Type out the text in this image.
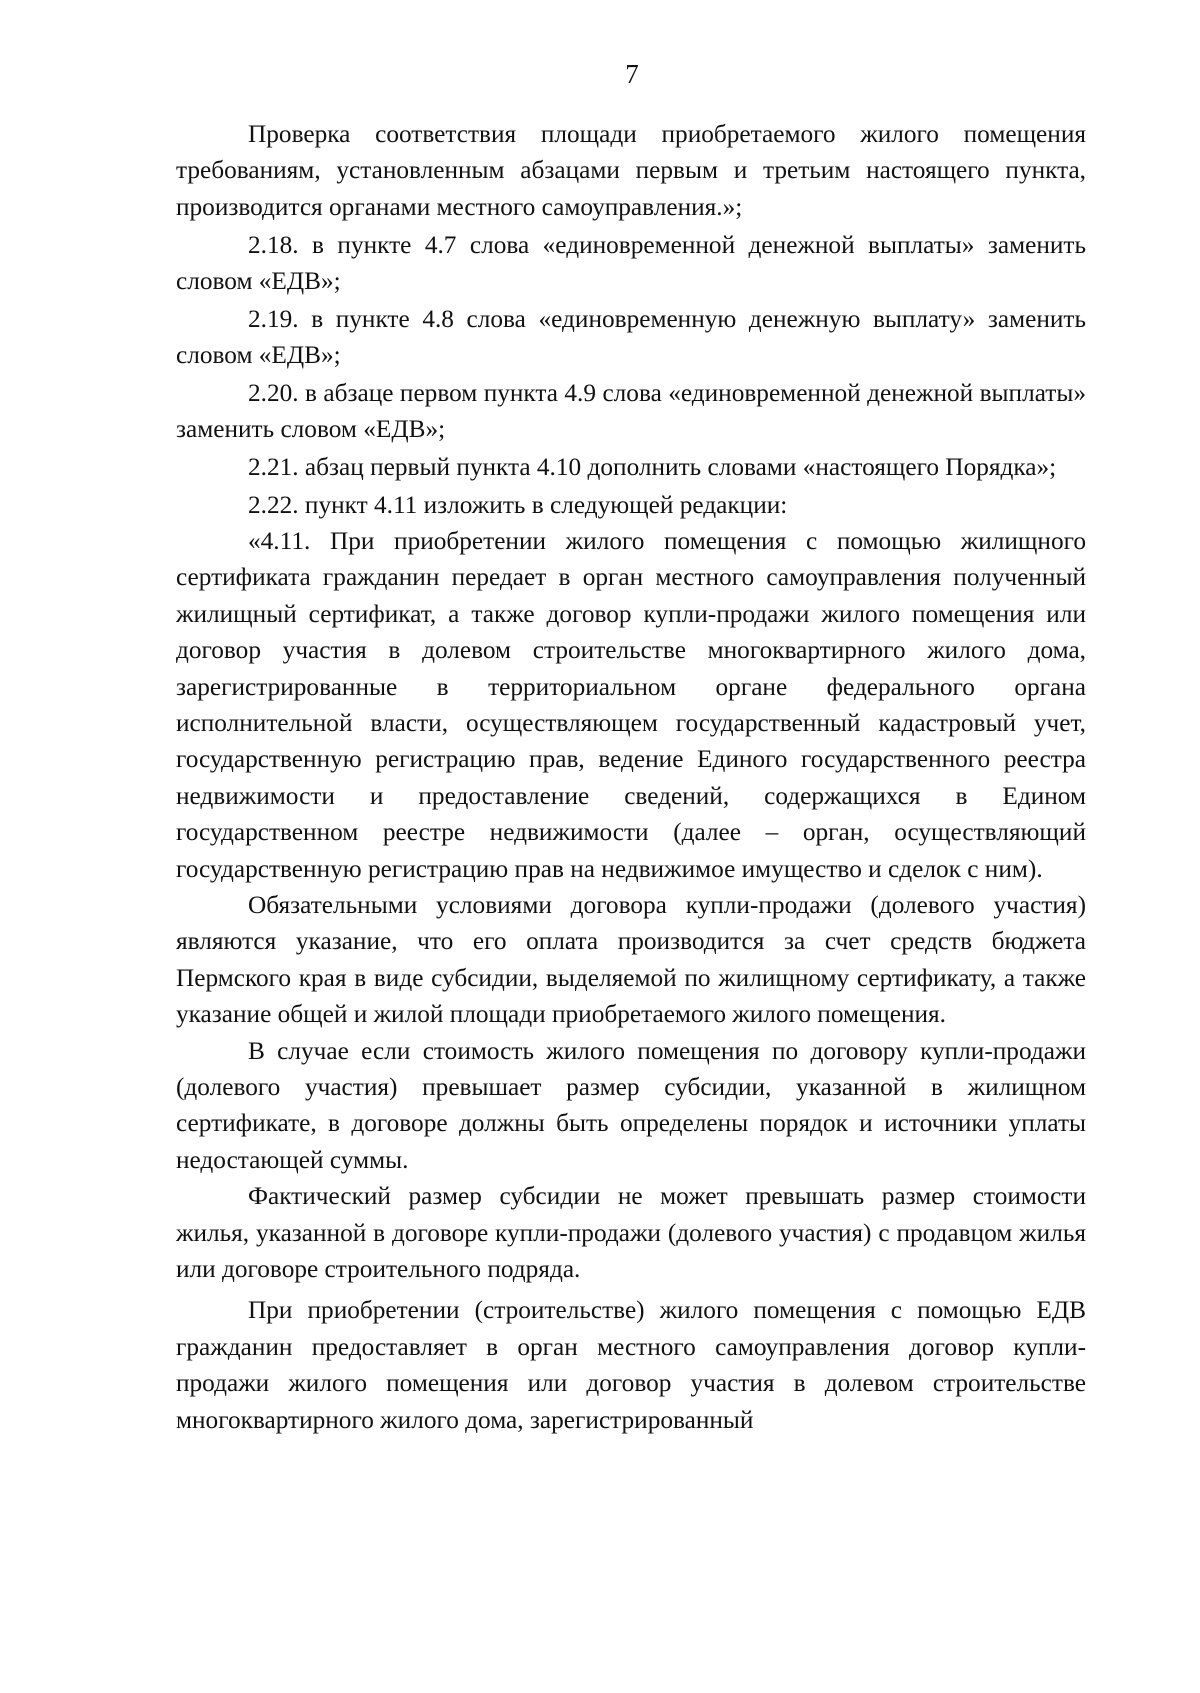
7

Проверка соответствия площади приобретаемого жилого помещения требованиям, установленным абзацами первым и третьим настоящего пункта, производится органами местного самоуправления.»;

2.18. в пункте 4.7 слова «единовременной денежной выплаты» заменить словом «ЕДВ»;

2.19. в пункте 4.8 слова «единовременную денежную выплату» заменить словом «ЕДВ»;

2.20. в абзаце первом пункта 4.9 слова «единовременной денежной выплаты» заменить словом «ЕДВ»;

2.21. абзац первый пункта 4.10 дополнить словами «настоящего Порядка»;

2.22. пункт 4.11 изложить в следующей редакции:

«4.11. При приобретении жилого помещения с помощью жилищного сертификата гражданин передает в орган местного самоуправления полученный жилищный сертификат, а также договор купли-продажи жилого помещения или договор участия в долевом строительстве многоквартирного жилого дома, зарегистрированные в территориальном органе федерального органа исполнительной власти, осуществляющем государственный кадастровый учет, государственную регистрацию прав, ведение Единого государственного реестра недвижимости и предоставление сведений, содержащихся в Едином государственном реестре недвижимости (далее – орган, осуществляющий государственную регистрацию прав на недвижимое имущество и сделок с ним).

Обязательными условиями договора купли-продажи (долевого участия) являются указание, что его оплата производится за счет средств бюджета Пермского края в виде субсидии, выделяемой по жилищному сертификату, а также указание общей и жилой площади приобретаемого жилого помещения.

В случае если стоимость жилого помещения по договору купли-продажи (долевого участия) превышает размер субсидии, указанной в жилищном сертификате, в договоре должны быть определены порядок и источники уплаты недостающей суммы.

Фактический размер субсидии не может превышать размер стоимости жилья, указанной в договоре купли-продажи (долевого участия) с продавцом жилья или договоре строительного подряда.

При приобретении (строительстве) жилого помещения с помощью ЕДВ гражданин предоставляет в орган местного самоуправления договор купли-продажи жилого помещения или договор участия в долевом строительстве многоквартирного жилого дома, зарегистрированный
